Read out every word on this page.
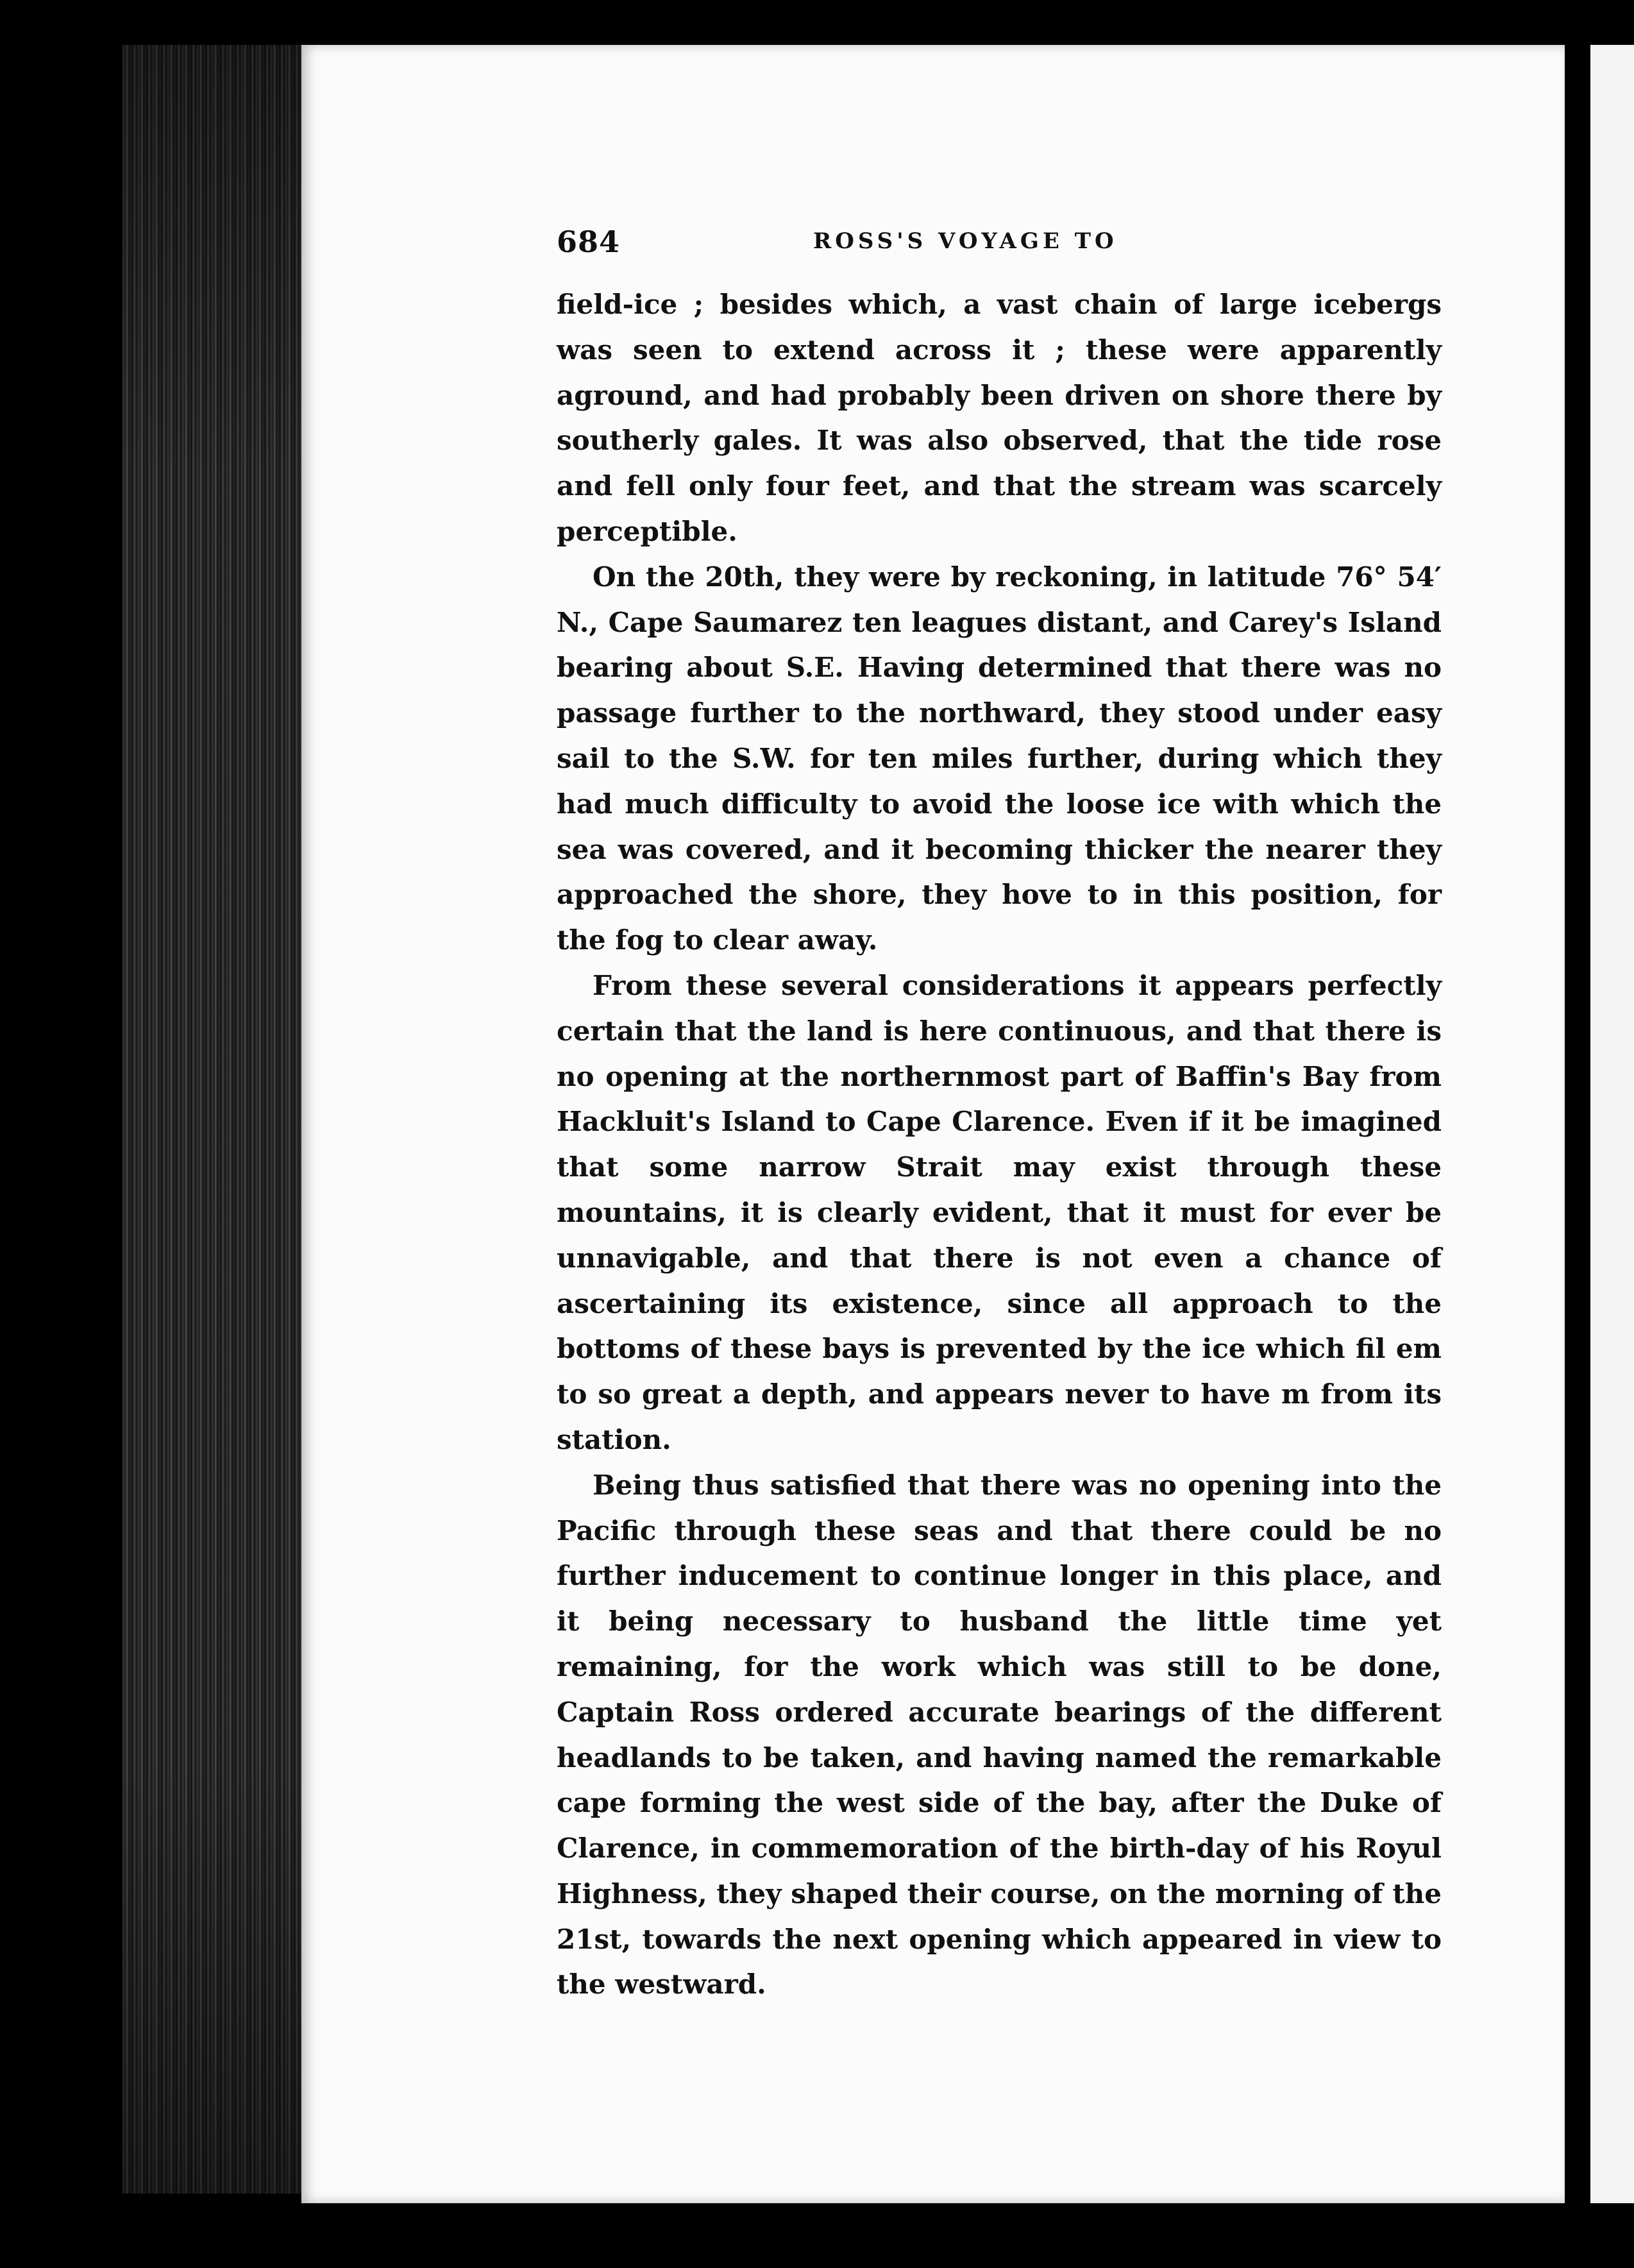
684	ROSS'S VOYAGE TO

field-ice ; besides which, a vast chain of large icebergs was seen to extend across it ; these were apparently aground, and had probably been driven on shore there by southerly gales. It was also observed, that the tide rose and fell only four feet, and that the stream was scarcely perceptible.

On the 20th, they were by reckoning, in latitude 76° 54′ N., Cape Saumarez ten leagues distant, and Carey's Island bearing about S.E. Having determined that there was no passage further to the northward, they stood under easy sail to the S.W. for ten miles further, during which they had much difficulty to avoid the loose ice with which the sea was covered, and it becoming thicker the nearer they approached the shore, they hove to in this position, for the fog to clear away.

From these several considerations it appears perfectly certain that the land is here continuous, and that there is no opening at the northernmost part of Baffin's Bay from Hackluit's Island to Cape Clarence. Even if it be imagined that some narrow Strait may exist through these mountains, it is clearly evident, that it must for ever be unnavigable, and that there is not even a chance of ascertaining its existence, since all approach to the bottoms of these bays is prevented by the ice which fil em to so great a depth, and appears never to have m from its station.

Being thus satisfied that there was no opening into the Pacific through these seas and that there could be no further inducement to continue longer in this place, and it being necessary to husband the little time yet remaining, for the work which was still to be done, Captain Ross ordered accurate bearings of the different headlands to be taken, and having named the remarkable cape forming the west side of the bay, after the Duke of Clarence, in commemoration of the birth-day of his Royul Highness, they shaped their course, on the morning of the 21st, towards the next opening which appeared in view to the westward.
